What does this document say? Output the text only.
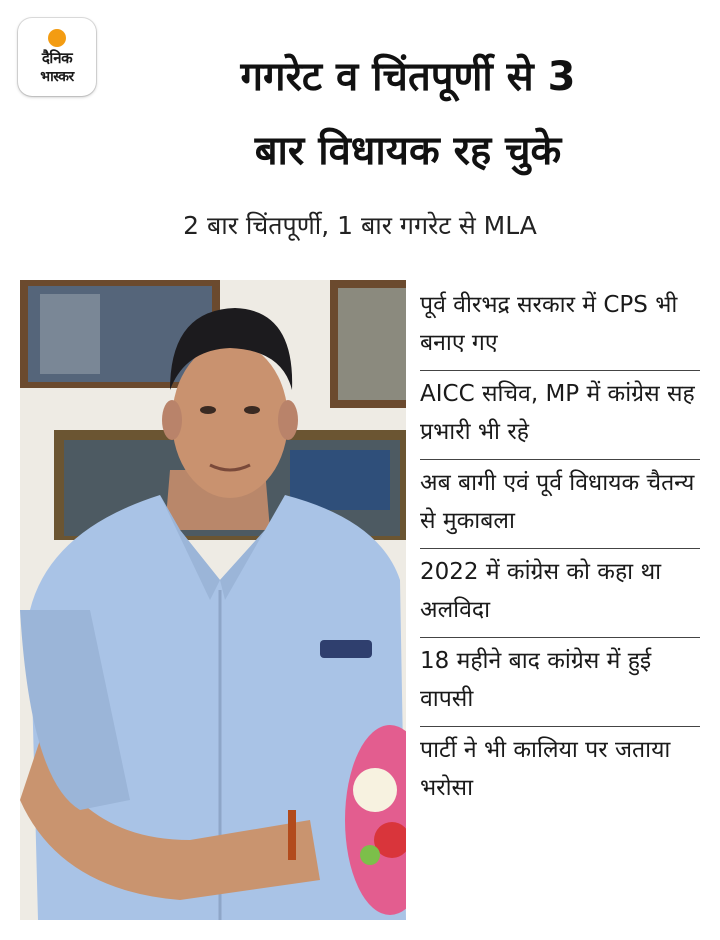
दैनिक
भास्कर	गगरेट व चिंतपूर्णी से 3
बार विधायक रह चुके
2 बार चिंतपूर्णी, 1 बार गगरेट से MLA
पूर्व वीरभद्र सरकार में CPS भी बनाए गए
AICC सचिव, MP में कांग्रेस सह प्रभारी भी रहे
अब बागी एवं पूर्व विधायक चैतन्य से मुकाबला
2022 में कांग्रेस को कहा था अलविदा
18 महीने बाद कांग्रेस में हुई वापसी
पार्टी ने भी कालिया पर जताया भरोसा
